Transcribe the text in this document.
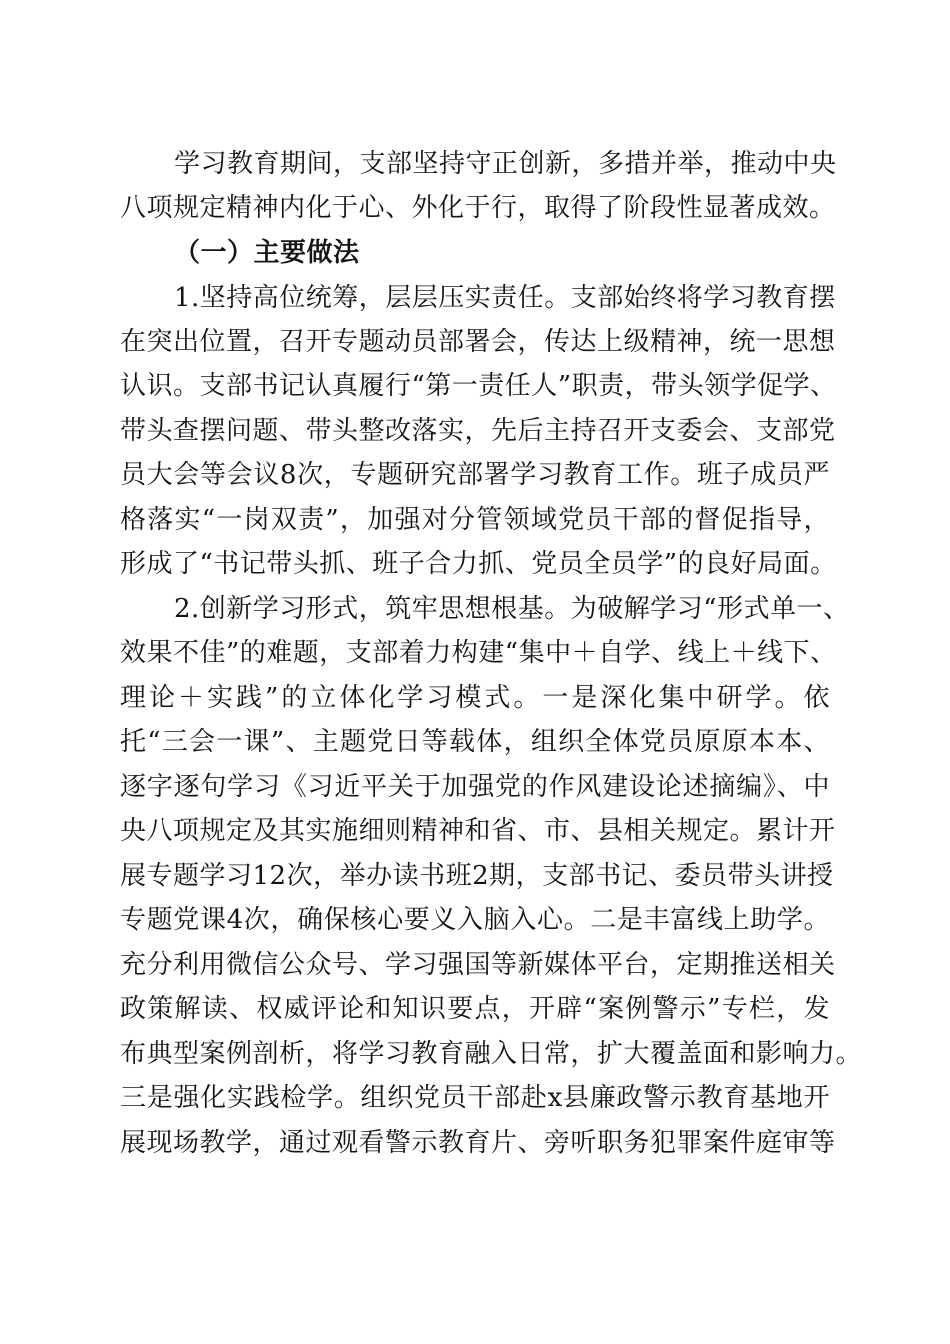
学习教育期间，支部坚持守正创新，多措并举，推动中央
八项规定精神内化于心、外化于行，取得了阶段性显著成效。
（一）主要做法
1.坚持高位统筹，层层压实责任。支部始终将学习教育摆
在突出位置，召开专题动员部署会，传达上级精神，统一思想
认识。支部书记认真履行“第一责任人”职责，带头领学促学、
带头查摆问题、带头整改落实，先后主持召开支委会、支部党
员大会等会议8次，专题研究部署学习教育工作。班子成员严
格落实“一岗双责”，加强对分管领域党员干部的督促指导，
形成了“书记带头抓、班子合力抓、党员全员学”的良好局面。
2.创新学习形式，筑牢思想根基。为破解学习“形式单一、
效果不佳”的难题，支部着力构建“集中＋自学、线上＋线下、
理论＋实践”的立体化学习模式。一是深化集中研学。依
托“三会一课”、主题党日等载体，组织全体党员原原本本、
逐字逐句学习《习近平关于加强党的作风建设论述摘编》、中
央八项规定及其实施细则精神和省、市、县相关规定。累计开
展专题学习12次，举办读书班2期，支部书记、委员带头讲授
专题党课4次，确保核心要义入脑入心。二是丰富线上助学。
充分利用微信公众号、学习强国等新媒体平台，定期推送相关
政策解读、权威评论和知识要点，开辟“案例警示”专栏，发
布典型案例剖析，将学习教育融入日常，扩大覆盖面和影响力。
三是强化实践检学。组织党员干部赴x县廉政警示教育基地开
展现场教学，通过观看警示教育片、旁听职务犯罪案件庭审等
